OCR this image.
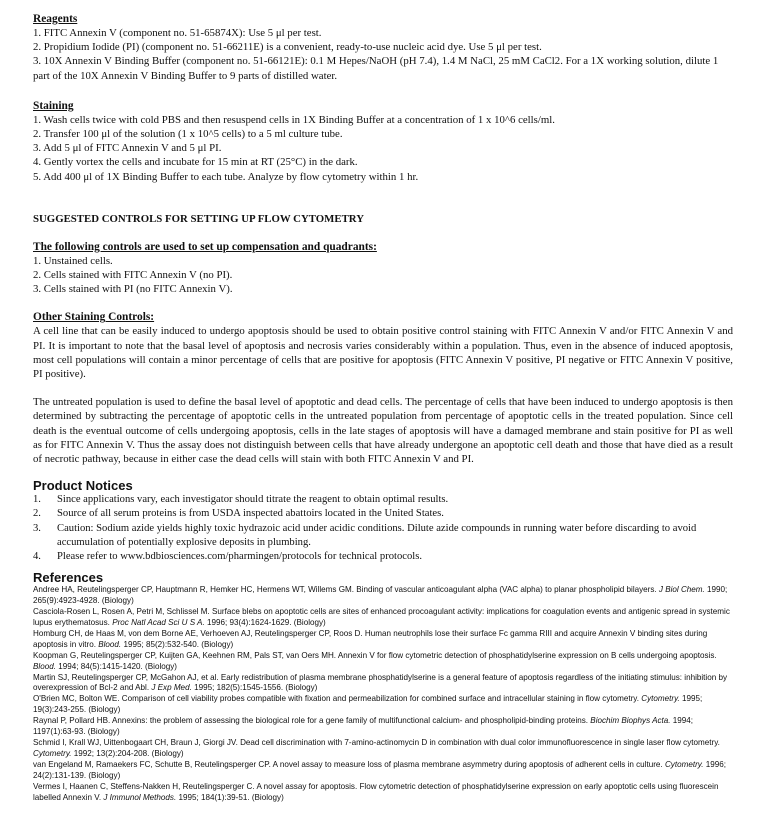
Reagents
1. FITC Annexin V (component no. 51-65874X): Use 5 μl per test.
2. Propidium Iodide (PI) (component no. 51-66211E) is a convenient, ready-to-use nucleic acid dye. Use 5 μl per test.
3. 10X Annexin V Binding Buffer (component no. 51-66121E): 0.1 M Hepes/NaOH (pH 7.4), 1.4 M NaCl, 25 mM CaCl2. For a 1X working solution, dilute 1 part of the 10X Annexin V Binding Buffer to 9 parts of distilled water.
Staining
1. Wash cells twice with cold PBS and then resuspend cells in 1X Binding Buffer at a concentration of 1 x 10^6 cells/ml.
2. Transfer 100 μl of the solution (1 x 10^5 cells) to a 5 ml culture tube.
3. Add 5 μl of FITC Annexin V and 5 μl PI.
4. Gently vortex the cells and incubate for 15 min at RT (25°C) in the dark.
5. Add 400 μl of 1X Binding Buffer to each tube. Analyze by flow cytometry within 1 hr.
SUGGESTED CONTROLS FOR SETTING UP FLOW CYTOMETRY
The following controls are used to set up compensation and quadrants:
1. Unstained cells.
2. Cells stained with FITC Annexin V (no PI).
3. Cells stained with PI (no FITC Annexin V).
Other Staining Controls:
A cell line that can be easily induced to undergo apoptosis should be used to obtain positive control staining with FITC Annexin V and/or FITC Annexin V and PI. It is important to note that the basal level of apoptosis and necrosis varies considerably within a population. Thus, even in the absence of induced apoptosis, most cell populations will contain a minor percentage of cells that are positive for apoptosis (FITC Annexin V positive, PI negative or FITC Annexin V positive, PI positive).
The untreated population is used to define the basal level of apoptotic and dead cells. The percentage of cells that have been induced to undergo apoptosis is then determined by subtracting the percentage of apoptotic cells in the untreated population from percentage of apoptotic cells in the treated population. Since cell death is the eventual outcome of cells undergoing apoptosis, cells in the late stages of apoptosis will have a damaged membrane and stain positive for PI as well as for FITC Annexin V. Thus the assay does not distinguish between cells that have already undergone an apoptotic cell death and those that have died as a result of necrotic pathway, because in either case the dead cells will stain with both FITC Annexin V and PI.
Product Notices
1.	Since applications vary, each investigator should titrate the reagent to obtain optimal results.
2.	Source of all serum proteins is from USDA inspected abattoirs located in the United States.
3.	Caution: Sodium azide yields highly toxic hydrazoic acid under acidic conditions. Dilute azide compounds in running water before discarding to avoid accumulation of potentially explosive deposits in plumbing.
4.	Please refer to www.bdbiosciences.com/pharmingen/protocols for technical protocols.
References
Andree HA, Reutelingsperger CP, Hauptmann R, Hemker HC, Hermens WT, Willems GM. Binding of vascular anticoagulant alpha (VAC alpha) to planar phospholipid bilayers. J Biol Chem. 1990; 265(9):4923-4928. (Biology)
Casciola-Rosen L, Rosen A, Petri M, Schlissel M. Surface blebs on apoptotic cells are sites of enhanced procoagulant activity: implications for coagulation events and antigenic spread in systemic lupus erythematosus. Proc Natl Acad Sci U S A. 1996; 93(4):1624-1629. (Biology)
Homburg CH, de Haas M, von dem Borne AE, Verhoeven AJ, Reutelingsperger CP, Roos D. Human neutrophils lose their surface Fc gamma RIII and acquire Annexin V binding sites during apoptosis in vitro. Blood. 1995; 85(2):532-540. (Biology)
Koopman G, Reutelingsperger CP, Kuijten GA, Keehnen RM, Pals ST, van Oers MH. Annexin V for flow cytometric detection of phosphatidylserine expression on B cells undergoing apoptosis. Blood. 1994; 84(5):1415-1420. (Biology)
Martin SJ, Reutelingsperger CP, McGahon AJ, et al. Early redistribution of plasma membrane phosphatidylserine is a general feature of apoptosis regardless of the initiating stimulus: inhibition by overexpression of Bcl-2 and Abl. J Exp Med. 1995; 182(5):1545-1556. (Biology)
O'Brien MC, Bolton WE. Comparison of cell viability probes compatible with fixation and permeabilization for combined surface and intracellular staining in flow cytometry. Cytometry. 1995; 19(3):243-255. (Biology)
Raynal P, Pollard HB. Annexins: the problem of assessing the biological role for a gene family of multifunctional calcium- and phospholipid-binding proteins. Biochim Biophys Acta. 1994; 1197(1):63-93. (Biology)
Schmid I, Krall WJ, Uittenbogaart CH, Braun J, Giorgi JV. Dead cell discrimination with 7-amino-actinomycin D in combination with dual color immunofluorescence in single laser flow cytometry. Cytometry. 1992; 13(2):204-208. (Biology)
van Engeland M, Ramaekers FC, Schutte B, Reutelingsperger CP. A novel assay to measure loss of plasma membrane asymmetry during apoptosis of adherent cells in culture. Cytometry. 1996; 24(2):131-139. (Biology)
Vermes I, Haanen C, Steffens-Nakken H, Reutelingsperger C. A novel assay for apoptosis. Flow cytometric detection of phosphatidylserine expression on early apoptotic cells using fluorescein labelled Annexin V. J Immunol Methods. 1995; 184(1):39-51. (Biology)
